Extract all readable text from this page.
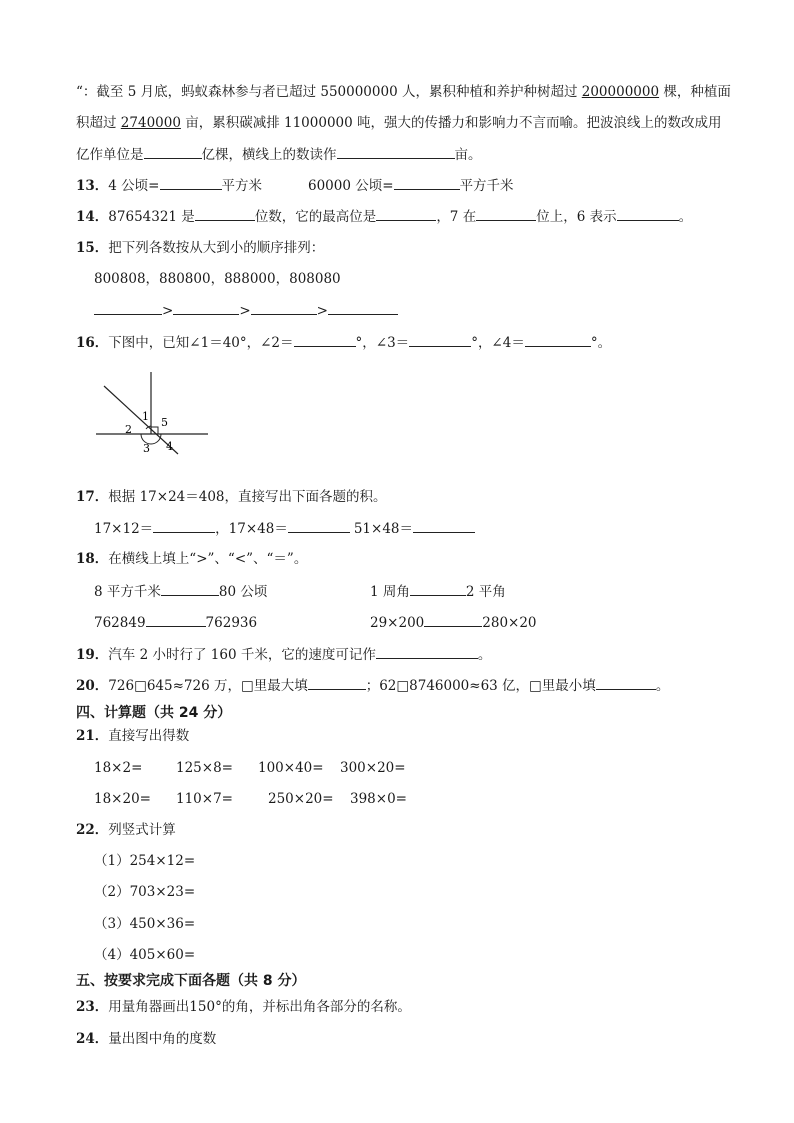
“：截至 5 月底，蚂蚁森林参与者已超过 550000000 人，累积种植和养护种树超过 200000000 棵，种植面
积超过 2740000 亩，累积碳减排 11000000 吨，强大的传播力和影响力不言而喻。把波浪线上的数改成用
亿作单位是	亿棵，横线上的数读作	亩。
13．4 公顷=	平方米	60000 公顷=	平方千米
14．87654321 是	位数，它的最高位是	，7 在	位上，6 表示	。
15．把下列各数按从大到小的顺序排列：
800808，880800，888000，808080
>	>	>
16．下图中，已知∠1＝40°，∠2＝	°，∠3＝	°，∠4＝	°。
1
2
3 4
5
17．根据 17×24＝408，直接写出下面各题的积。
17×12＝	，17×48＝	51×48＝
18．在横线上填上“>”、“<”、“＝”。
8 平方千米	80 公顷	1 周角	2 平角
762849	762936	29×200	280×20
19．汽车 2 小时行了 160 千米，它的速度可记作	。
20．726□645≈726 万，□里最大填	；62□8746000≈63 亿，□里最小填	。
四、计算题（共 24 分）
21．直接写出得数
18×2= 125×8= 100×40= 300×20=
18×20= 110×7=	250×20= 398×0=
22．列竖式计算
（1）254×12=
（2）703×23=
（3）450×36=
（4）405×60=
五、按要求完成下面各题（共 8 分）
23．用量角器画出150°的角，并标出角各部分的名称。
24．量出图中角的度数
